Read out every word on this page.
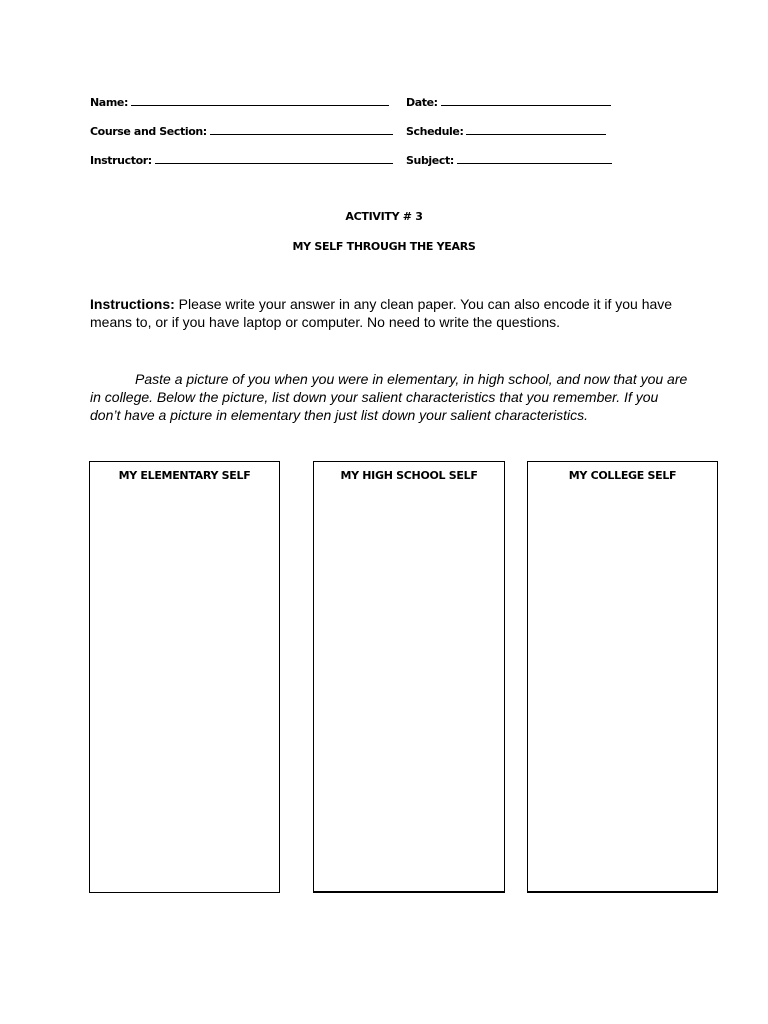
Name:	Date:
Course and Section:	Schedule:
Instructor:	Subject:
ACTIVITY # 3
MY SELF THROUGH THE YEARS
Instructions: Please write your answer in any clean paper. You can also encode it if you have means to, or if you have laptop or computer. No need to write the questions.
Paste a picture of you when you were in elementary, in high school, and now that you are in college. Below the picture, list down your salient characteristics that you remember. If you don’t have a picture in elementary then just list down your salient characteristics.
MY ELEMENTARY SELF	MY HIGH SCHOOL SELF	MY COLLEGE SELF
